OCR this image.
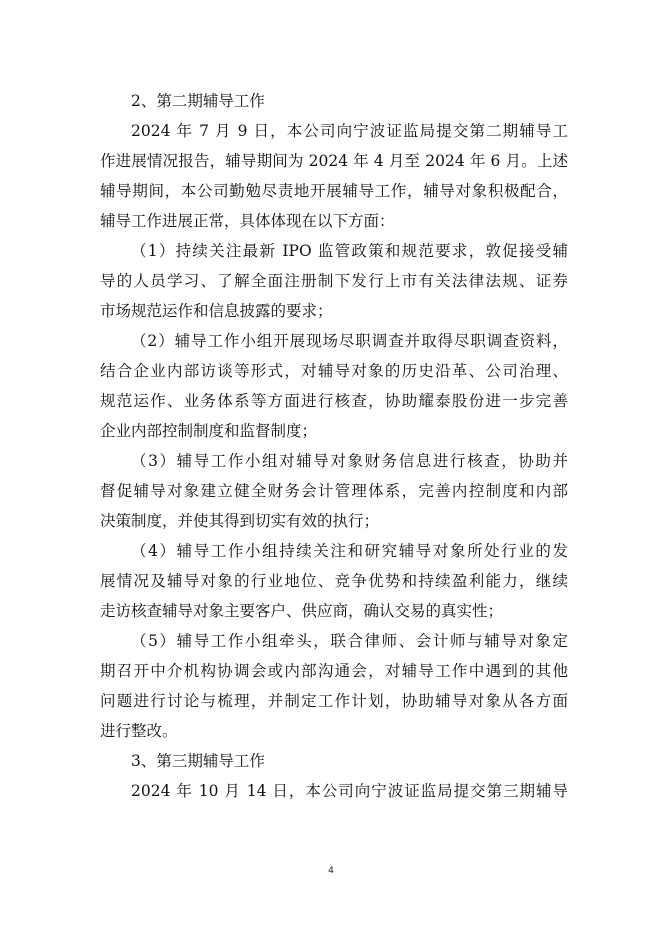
2、第二期辅导工作
2024 年 7 月 9 日，本公司向宁波证监局提交第二期辅导工
作进展情况报告，辅导期间为 2024 年 4 月至 2024 年 6 月。上述
辅导期间，本公司勤勉尽责地开展辅导工作，辅导对象积极配合，
辅导工作进展正常，具体体现在以下方面：
（1）持续关注最新 IPO 监管政策和规范要求，敦促接受辅
导的人员学习、了解全面注册制下发行上市有关法律法规、证券
市场规范运作和信息披露的要求；
（2）辅导工作小组开展现场尽职调查并取得尽职调查资料，
结合企业内部访谈等形式，对辅导对象的历史沿革、公司治理、
规范运作、业务体系等方面进行核查，协助耀泰股份进一步完善
企业内部控制制度和监督制度；
（3）辅导工作小组对辅导对象财务信息进行核查，协助并
督促辅导对象建立健全财务会计管理体系，完善内控制度和内部
决策制度，并使其得到切实有效的执行；
（4）辅导工作小组持续关注和研究辅导对象所处行业的发
展情况及辅导对象的行业地位、竞争优势和持续盈利能力，继续
走访核查辅导对象主要客户、供应商，确认交易的真实性；
（5）辅导工作小组牵头，联合律师、会计师与辅导对象定
期召开中介机构协调会或内部沟通会，对辅导工作中遇到的其他
问题进行讨论与梳理，并制定工作计划，协助辅导对象从各方面
进行整改。
3、第三期辅导工作
2024 年 10 月 14 日，本公司向宁波证监局提交第三期辅导
4
